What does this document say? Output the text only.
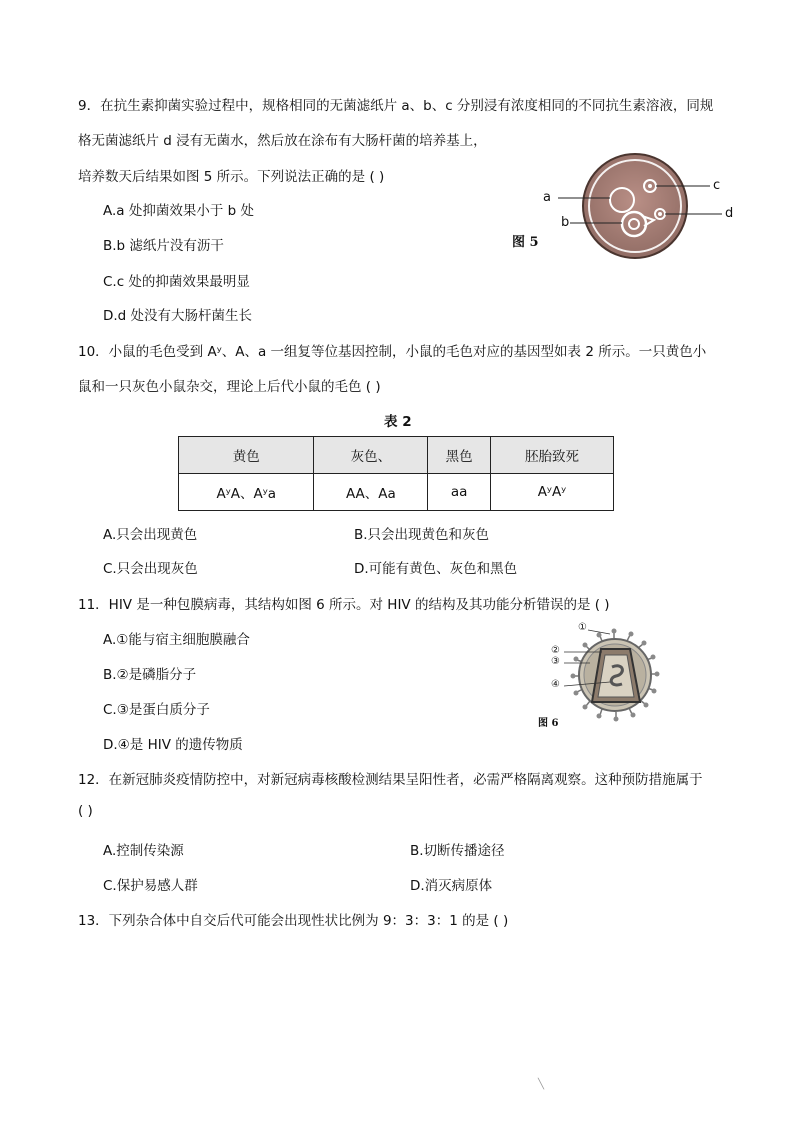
9．在抗生素抑菌实验过程中，规格相同的无菌滤纸片 a、b、c 分别浸有浓度相同的不同抗生素溶液，同规
格无菌滤纸片 d 浸有无菌水，然后放在涂布有大肠杆菌的培养基上，
培养数天后结果如图 5 所示。下列说法正确的是 ( )
A.a 处抑菌效果小于 b 处
B.b 滤纸片没有沥干
C.c 处的抑菌效果最明显
D.d 处没有大肠杆菌生长
a
c
d
b
图 5
10．小鼠的毛色受到 Aʸ、A、a 一组复等位基因控制，小鼠的毛色对应的基因型如表 2 所示。一只黄色小
鼠和一只灰色小鼠杂交，理论上后代小鼠的毛色 ( )
表 2
黄色	灰色、	黑色	胚胎致死
AʸA、Aʸa	AA、Aa	aa	AʸAʸ
A.只会出现黄色	B.只会出现黄色和灰色
C.只会出现灰色	D.可能有黄色、灰色和黑色
11．HIV 是一种包膜病毒，其结构如图 6 所示。对 HIV 的结构及其功能分析错误的是 ( )
A.①能与宿主细胞膜融合
B.②是磷脂分子
C.③是蛋白质分子
D.④是 HIV 的遗传物质
①
②
③
④
图 6
12．在新冠肺炎疫情防控中，对新冠病毒核酸检测结果呈阳性者，必需严格隔离观察。这种预防措施属于
( )
A.控制传染源	B.切断传播途径
C.保护易感人群	D.消灭病原体
13．下列杂合体中自交后代可能会出现性状比例为 9：3：3：1 的是 ( )
╲
